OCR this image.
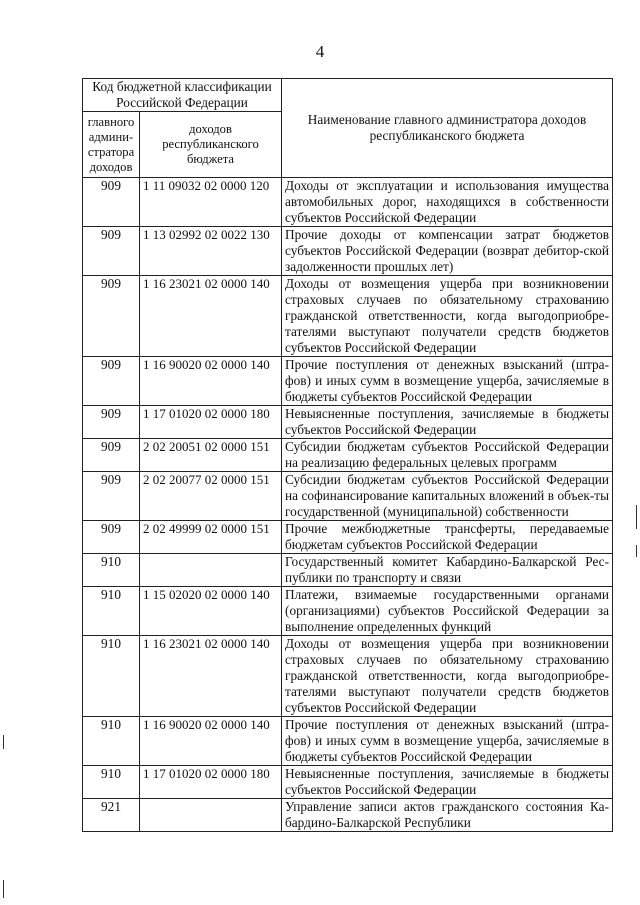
4
Код бюджетной классификации Российской Федерации		Наименование главного администратора доходов республиканского бюджета
главного админи-стратора доходов	доходов республиканского бюджета	
909	1 11 09032 02 0000 120	Доходы от эксплуатации и использования имущества автомобильных дорог, находящихся в собственности субъектов Российской Федерации
909	1 13 02992 02 0022 130	Прочие доходы от компенсации затрат бюджетов субъектов Российской Федерации (возврат дебитор-ской задолженности прошлых лет)
909	1 16 23021 02 0000 140	Доходы от возмещения ущерба при возникновении страховых случаев по обязательному страхованию гражданской ответственности, когда выгодоприобре-тателями выступают получатели средств бюджетов субъектов Российской Федерации
909	1 16 90020 02 0000 140	Прочие поступления от денежных взысканий (штра-фов) и иных сумм в возмещение ущерба, зачисляемые в бюджеты субъектов Российской Федерации
909	1 17 01020 02 0000 180	Невыясненные поступления, зачисляемые в бюджеты субъектов Российской Федерации
909	2 02 20051 02 0000 151	Субсидии бюджетам субъектов Российской Федерации на реализацию федеральных целевых программ
909	2 02 20077 02 0000 151	Субсидии бюджетам субъектов Российской Федерации на софинансирование капитальных вложений в объек-ты государственной (муниципальной) собственности
909	2 02 49999 02 0000 151	Прочие межбюджетные трансферты, передаваемые бюджетам субъектов Российской Федерации
910		Государственный комитет Кабардино-Балкарской Рес-публики по транспорту и связи
910	1 15 02020 02 0000 140	Платежи, взимаемые государственными органами (организациями) субъектов Российской Федерации за выполнение определенных функций
910	1 16 23021 02 0000 140	Доходы от возмещения ущерба при возникновении страховых случаев по обязательному страхованию гражданской ответственности, когда выгодоприобре-тателями выступают получатели средств бюджетов субъектов Российской Федерации
910	1 16 90020 02 0000 140	Прочие поступления от денежных взысканий (штра-фов) и иных сумм в возмещение ущерба, зачисляемые в бюджеты субъектов Российской Федерации
910	1 17 01020 02 0000 180	Невыясненные поступления, зачисляемые в бюджеты субъектов Российской Федерации
921		Управление записи актов гражданского состояния Ка-бардино-Балкарской Республики
